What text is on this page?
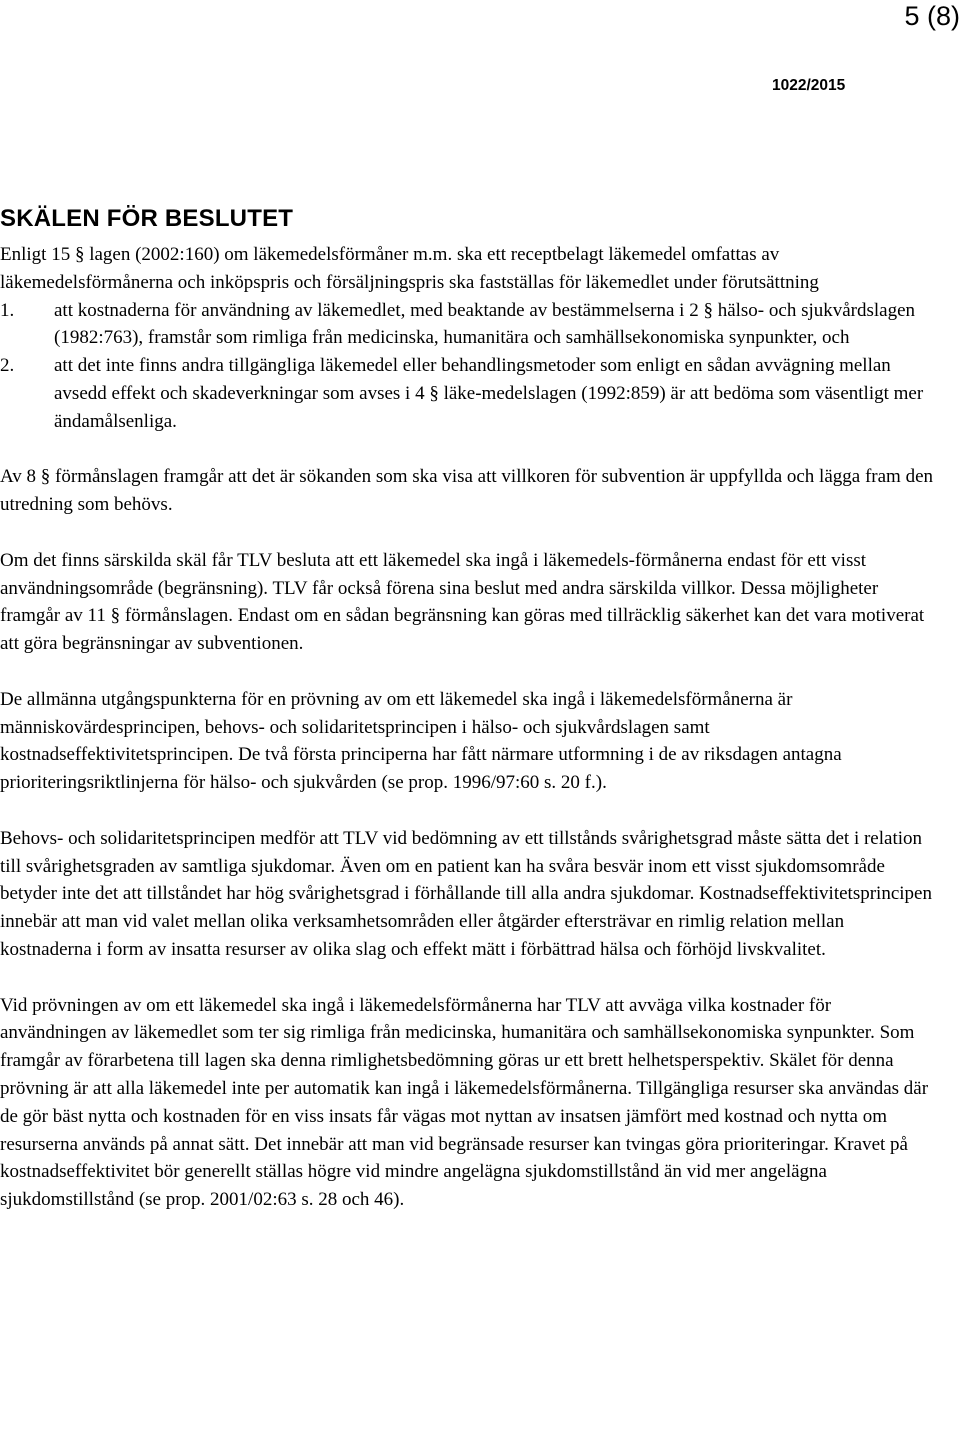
5 (8)
1022/2015
SKÄLEN FÖR BESLUTET

Enligt 15 § lagen (2002:160) om läkemedelsförmåner m.m. ska ett receptbelagt läkemedel omfattas av läkemedelsförmånerna och inköpspris och försäljningspris ska fastställas för läkemedlet under förutsättning

1. att kostnaderna för användning av läkemedlet, med beaktande av bestämmelserna i 2 § hälso- och sjukvårdslagen (1982:763), framstår som rimliga från medicinska, humanitära och samhällsekonomiska synpunkter, och
2. att det inte finns andra tillgängliga läkemedel eller behandlingsmetoder som enligt en sådan avvägning mellan avsedd effekt och skadeverkningar som avses i 4 § läke-medelslagen (1992:859) är att bedöma som väsentligt mer ändamålsenliga.

Av 8 § förmånslagen framgår att det är sökanden som ska visa att villkoren för subvention är uppfyllda och lägga fram den utredning som behövs.

Om det finns särskilda skäl får TLV besluta att ett läkemedel ska ingå i läkemedels-förmånerna endast för ett visst användningsområde (begränsning). TLV får också förena sina beslut med andra särskilda villkor. Dessa möjligheter framgår av 11 § förmånslagen. Endast om en sådan begränsning kan göras med tillräcklig säkerhet kan det vara motiverat att göra begränsningar av subventionen.

De allmänna utgångspunkterna för en prövning av om ett läkemedel ska ingå i läkemedelsförmånerna är människovärdesprincipen, behovs- och solidaritetsprincipen i hälso- och sjukvårdslagen samt kostnadseffektivitetsprincipen. De två första principerna har fått närmare utformning i de av riksdagen antagna prioriteringsriktlinjerna för hälso- och sjukvården (se prop. 1996/97:60 s. 20 f.).

Behovs- och solidaritetsprincipen medför att TLV vid bedömning av ett tillstånds svårighetsgrad måste sätta det i relation till svårighetsgraden av samtliga sjukdomar. Även om en patient kan ha svåra besvär inom ett visst sjukdomsområde betyder inte det att tillståndet har hög svårighetsgrad i förhållande till alla andra sjukdomar. Kostnadseffektivitetsprincipen innebär att man vid valet mellan olika verksamhetsområden eller åtgärder eftersträvar en rimlig relation mellan kostnaderna i form av insatta resurser av olika slag och effekt mätt i förbättrad hälsa och förhöjd livskvalitet.

Vid prövningen av om ett läkemedel ska ingå i läkemedelsförmånerna har TLV att avväga vilka kostnader för användningen av läkemedlet som ter sig rimliga från medicinska, humanitära och samhällsekonomiska synpunkter. Som framgår av förarbetena till lagen ska denna rimlighetsbedömning göras ur ett brett helhetsperspektiv. Skälet för denna prövning är att alla läkemedel inte per automatik kan ingå i läkemedelsförmånerna. Tillgängliga resurser ska användas där de gör bäst nytta och kostnaden för en viss insats får vägas mot nyttan av insatsen jämfört med kostnad och nytta om resurserna används på annat sätt. Det innebär att man vid begränsade resurser kan tvingas göra prioriteringar. Kravet på kostnadseffektivitet bör generellt ställas högre vid mindre angelägna sjukdomstillstånd än vid mer angelägna sjukdomstillstånd (se prop. 2001/02:63 s. 28 och 46).
